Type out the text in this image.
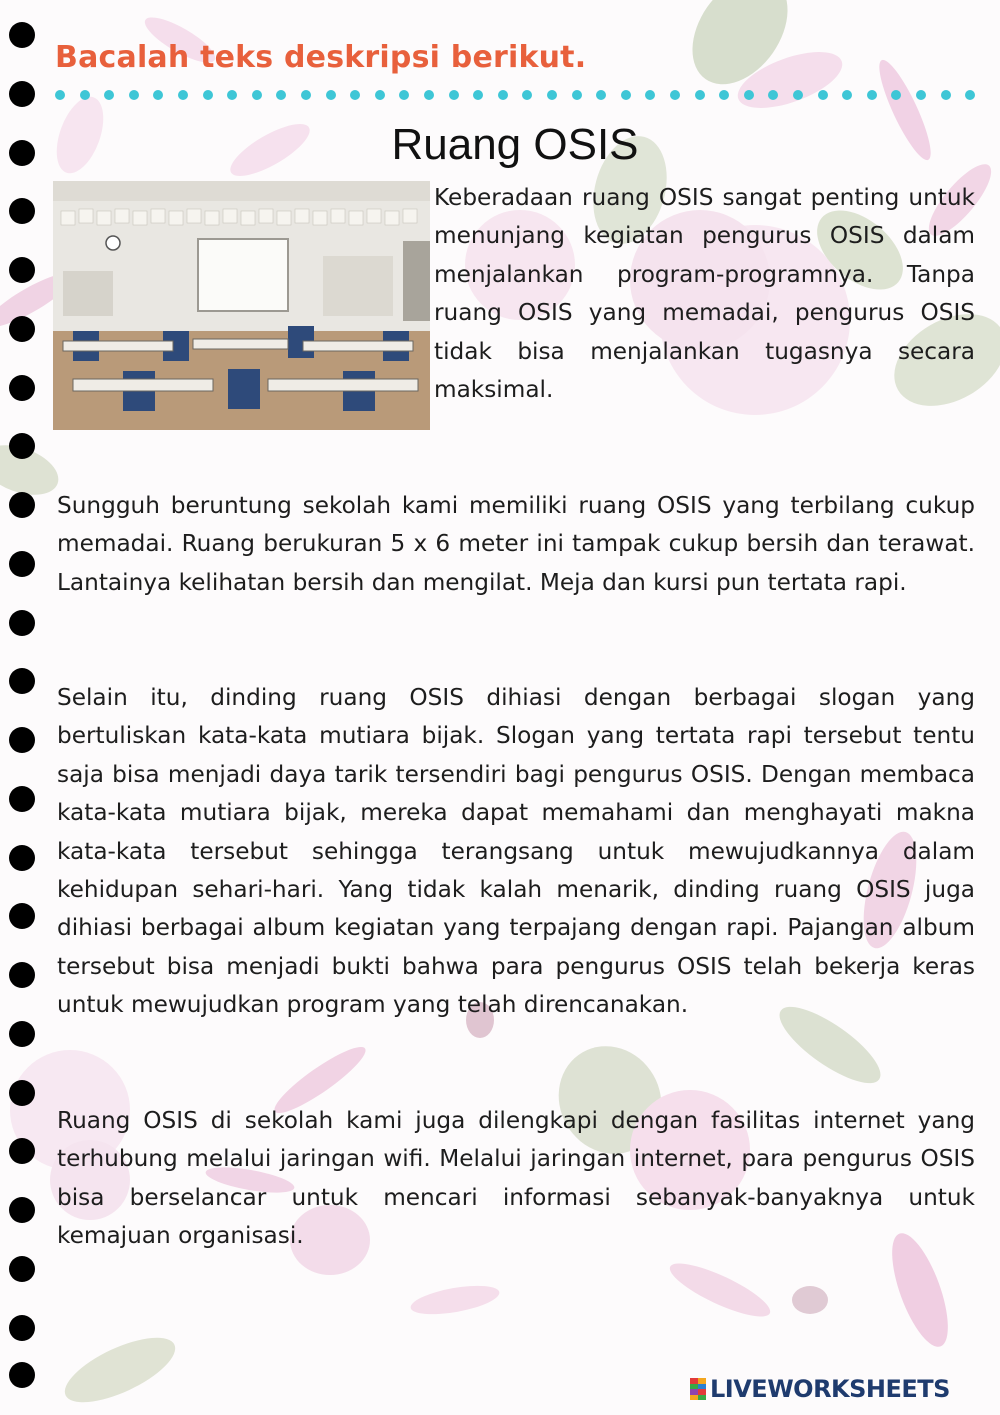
Bacalah teks deskripsi berikut.
Ruang OSIS

Keberadaan ruang OSIS sangat penting untuk menunjang kegiatan pengurus OSIS dalam menjalankan program-programnya. Tanpa ruang OSIS yang memadai, pengurus OSIS tidak bisa menjalankan tugasnya secara maksimal.

Sungguh beruntung sekolah kami memiliki ruang OSIS yang terbilang cukup memadai. Ruang berukuran 5 x 6 meter ini tampak cukup bersih dan terawat. Lantainya kelihatan bersih dan mengilat. Meja dan kursi pun tertata rapi.

Selain itu, dinding ruang OSIS dihiasi dengan berbagai slogan yang bertuliskan kata-kata mutiara bijak. Slogan yang tertata rapi tersebut tentu saja bisa menjadi daya tarik tersendiri bagi pengurus OSIS. Dengan membaca kata-kata mutiara bijak, mereka dapat memahami dan menghayati makna kata-kata tersebut sehingga terangsang untuk mewujudkannya dalam kehidupan sehari-hari. Yang tidak kalah menarik, dinding ruang OSIS juga dihiasi berbagai album kegiatan yang terpajang dengan rapi. Pajangan album tersebut bisa menjadi bukti bahwa para pengurus OSIS telah bekerja keras untuk mewujudkan program yang telah direncanakan.

Ruang OSIS di sekolah kami juga dilengkapi dengan fasilitas internet yang terhubung melalui jaringan wifi. Melalui jaringan internet, para pengurus OSIS bisa berselancar untuk mencari informasi sebanyak-banyaknya untuk kemajuan organisasi.

LIVEWORKSHEETS
